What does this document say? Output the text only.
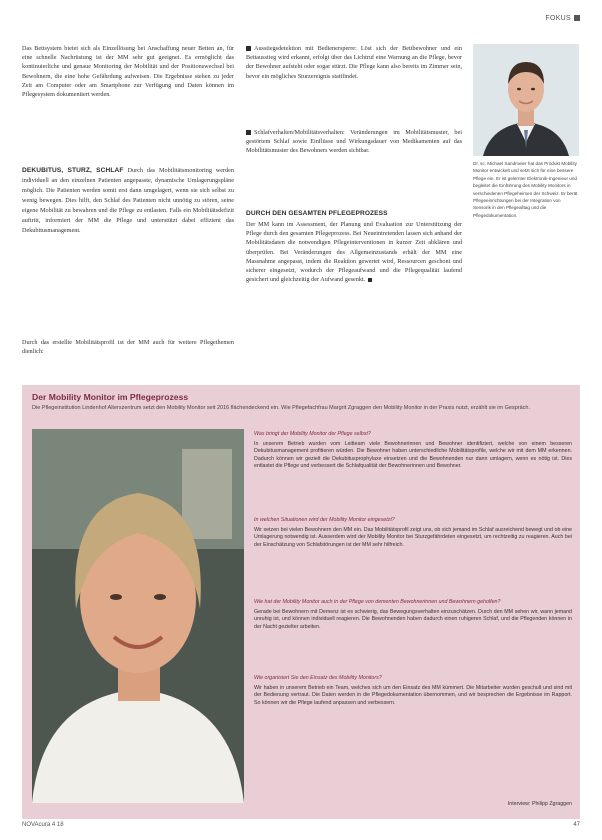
FOKUS
Das Bettsystem bietet sich als Einzellösung bei Anschaffung neuer Betten an, für eine schnelle Nachrüstung ist der MM sehr gut geeignet. Es ermöglicht das kontinuierliche und genaue Monitoring der Mobilität und der Positionswechsel bei Bewohnern, die eine hohe Gefährdung aufweisen. Die Ergebnisse stehen zu jeder Zeit am Computer oder am Smartphone zur Verfügung und Daten können im Pflegesystem dokumentiert werden.
DEKUBITUS, STURZ, SCHLAF Durch das Mobilitätsmonitoring werden individuell an den einzelnen Patienten angepasste, dynamische Umlagerungspläne möglich. Die Patienten werden somit erst dann umgelagert, wenn sie sich selbst zu wenig bewegen. Dies hilft, den Schlaf des Patienten nicht unnötig zu stören, seine eigene Mobilität zu bewahren und die Pflege zu entlasten. Falls ein Mobilitätsdefizit auftritt, informiert der MM die Pflege und unterstützt dabei effizient das Dekubitusmanagement.
Durch das erstellte Mobilitätsprofil ist der MM auch für weitere Pflegethemen dienlich:
Ausstiegsdetektion mit Bedienersperre: Löst sich der Bettbewohner und ein Bettausstieg wird erkannt, erfolgt über das Lichtruf eine Warnung an die Pflege, bevor der Bewohner aufsteht oder sogar stürzt. Die Pflege kann also bereits im Zimmer sein, bevor ein mögliches Sturzereignis stattfindet.
Schlafverhalten/Mobilitätsverhalten: Veränderungen im Mobilitätsmuster, bei gestörtem Schlaf sowie Einflüsse und Wirkungsdauer von Medikamenten auf das Mobilitätsmuster des Bewohners werden sichtbar.
DURCH DEN GESAMTEN PFLEGEPROZESS
Der MM kann im Assessment, der Planung und Evaluation zur Unterstützung der Pflege durch den gesamten Pflegeprozess. Bei Neueintretenden lassen sich anhand der Mobilitätsdaten die notwendigen Pflegeinterventionen in kurzer Zeit abklären und überprüfen. Bei Veränderungen des Allgemeinzustands erhält der MM eine Massnahme angepasst, indem die Reaktion gewertet wird, Ressourcen geschont und sicherer eingesetzt, wodurch der Pflegeaufwand und die Pflegequalität laufend gesichert und gleichzeitig der Aufwand gesenkt.
Dr. sc. Michael Sandmeier hat das Produkt Mobility Monitor entwickelt und setzt sich für eine bessere Pflege ein. Er ist gelernter Elektronik-Ingenieur und begleitet die Einführung des Mobility Monitors in verschiedenen Pflegeheimen der Schweiz. Er berät Pflegeeinrichtungen bei der Integration von Sensorik in den Pflegealltag und die Pflegedokumentation.
Der Mobility Monitor im Pflegeprozess
Die Pflegeinstitution Lindenhof Alterszentrum setzt den Mobility Monitor seit 2016 flächendeckend ein. Wie Pflegefachfrau Margrit Zgraggen den Mobility Monitor in der Praxis nutzt, erzählt sie im Gespräch.
Was bringt der Mobility Monitor der Pflege selbst?
In unserem Betrieb wurden vom Leitteam viele Bewohnerinnen und Bewohner identifiziert, welche von einem besseren Dekubitusmanagement profitieren würden. Die Bewohner haben unterschiedliche Mobilitätsprofile, welche wir mit dem MM erkennen. Dadurch können wir gezielt die Dekubitusprophylaxe einsetzen und die Bewohnenden nur dann umlagern, wenn es nötig ist. Dies entlastet die Pflege und verbessert die Schlafqualität der Bewohnerinnen und Bewohner.
In welchen Situationen wird der Mobility Monitor eingesetzt?
Wir setzen bei vielen Bewohnern den MM ein. Das Mobilitätsprofil zeigt uns, ob sich jemand im Schlaf ausreichend bewegt und ob eine Umlagerung notwendig ist. Ausserdem wird der Mobility Monitor bei Sturzgefährdeten eingesetzt, um rechtzeitig zu reagieren. Auch bei der Einschätzung von Schlafstörungen ist der MM sehr hilfreich.
Wie hat der Mobility Monitor auch in der Pflege von dementen Bewohnerinnen und Bewohnern geholfen?
Gerade bei Bewohnern mit Demenz ist es schwierig, das Bewegungsverhalten einzuschätzen. Durch den MM sehen wir, wann jemand unruhig ist, und können individuell reagieren. Die Bewohnenden haben dadurch einen ruhigeren Schlaf, und die Pflegenden können in der Nacht gezielter arbeiten.
Wie organisiert Sie den Einsatz des Mobility Monitors?
Wir haben in unserem Betrieb ein Team, welches sich um den Einsatz des MM kümmert. Die Mitarbeiter wurden geschult und sind mit der Bedienung vertraut. Die Daten werden in die Pflegedokumentation übernommen, und wir besprechen die Ergebnisse im Rapport. So können wir die Pflege laufend anpassen und verbessern.
Interview: Philipp Zgraggen
NOVAcura 4 18	47
